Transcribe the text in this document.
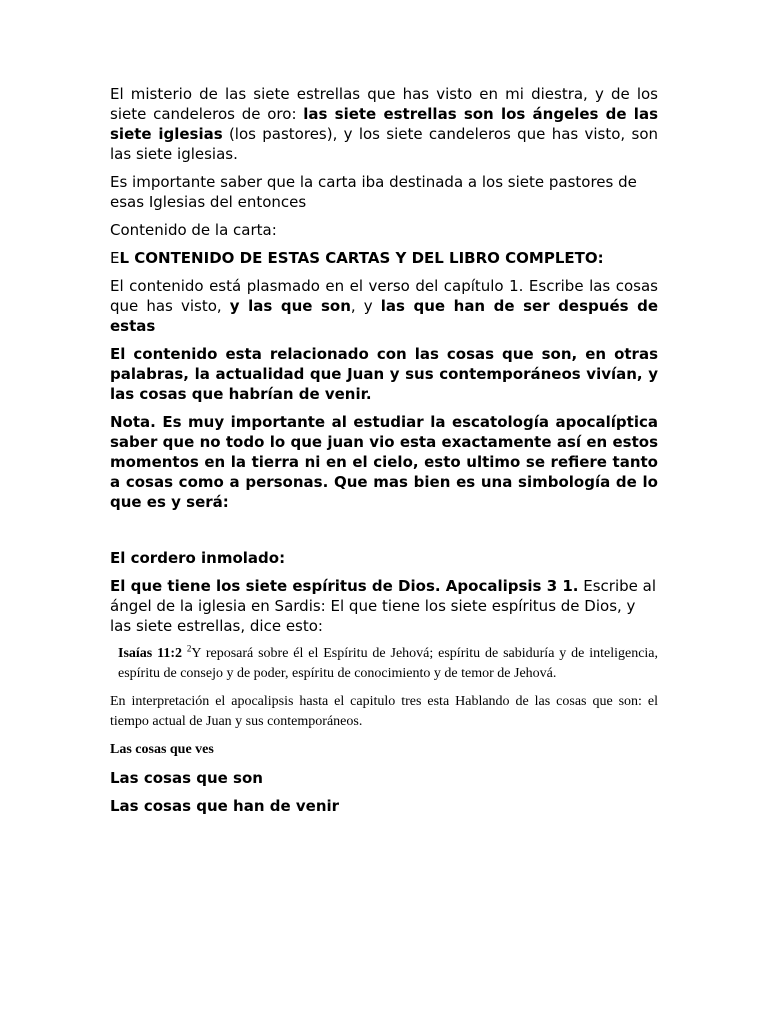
El misterio de las siete estrellas que has visto en mi diestra, y de los siete candeleros de oro: las siete estrellas son los ángeles de las siete iglesias (los pastores), y los siete candeleros que has visto, son las siete iglesias.

Es importante saber que la carta iba destinada a los siete pastores de esas Iglesias del entonces

Contenido de la carta:

EL CONTENIDO DE ESTAS CARTAS Y DEL LIBRO COMPLETO:

El contenido está plasmado en el verso del capítulo 1. Escribe las cosas que has visto, y las que son, y las que han de ser después de estas

El contenido esta relacionado con las cosas que son, en otras palabras, la actualidad que Juan y sus contemporáneos vivían, y las cosas que habrían de venir.

Nota. Es muy importante al estudiar la escatología apocalíptica saber que no todo lo que juan vio esta exactamente así en estos momentos en la tierra ni en el cielo, esto ultimo se refiere tanto a cosas como a personas. Que mas bien es una simbología de lo que es y será:

El cordero inmolado:

El que tiene los siete espíritus de Dios. Apocalipsis 3 1. Escribe al ángel de la iglesia en Sardis: El que tiene los siete espíritus de Dios, y las siete estrellas, dice esto:

Isaías 11:2 $^2$Y reposará sobre él el Espíritu de Jehová; espíritu de sabiduría y de inteligencia, espíritu de consejo y de poder, espíritu de conocimiento y de temor de Jehová.

En interpretación el apocalipsis hasta el capitulo tres esta Hablando de las cosas que son: el tiempo actual de Juan y sus contemporáneos.

Las cosas que ves

Las cosas que son

Las cosas que han de venir
